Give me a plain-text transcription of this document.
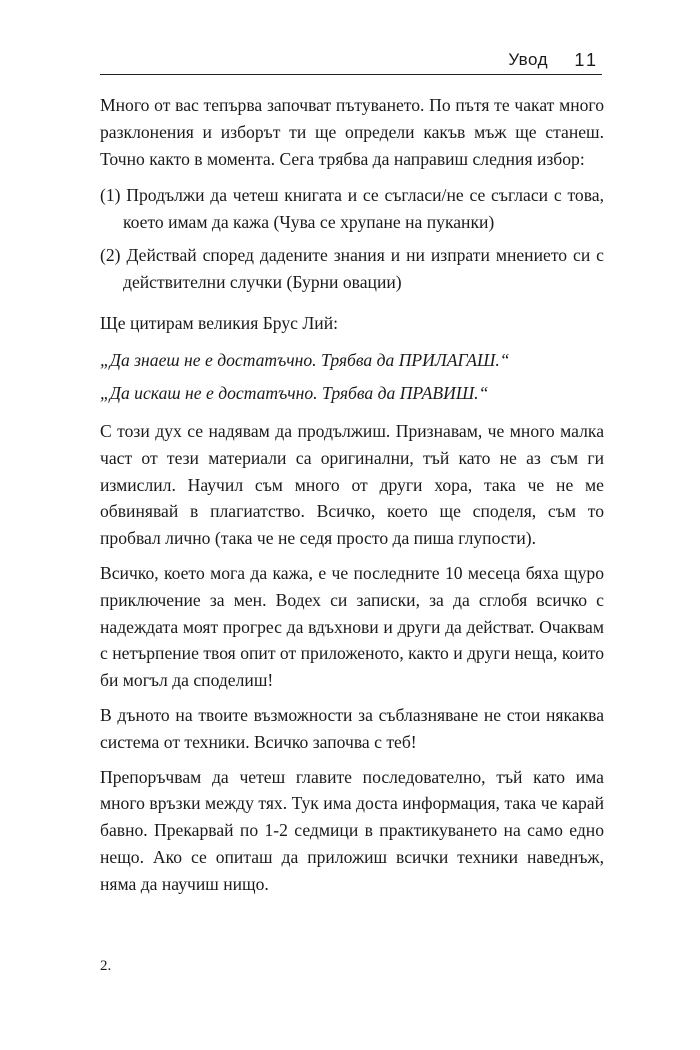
Увод 11

Много от вас тепърва започват пътуването. По пътя те чакат много разклонения и изборът ти ще определи какъв мъж ще станеш. Точно както в момента. Сега трябва да направиш следния избор:

(1) Продължи да четеш книгата и се съгласи/не се съгласи с това, което имам да кажа (Чува се хрупане на пуканки)
(2) Действай според дадените знания и ни изпрати мнението си с действителни случки (Бурни овации)

Ще цитирам великия Брус Лий:

„Да знаеш не е достатъчно. Трябва да ПРИЛАГАШ.“

„Да искаш не е достатъчно. Трябва да ПРАВИШ.“

С този дух се надявам да продължиш. Признавам, че много малка част от тези материали са оригинални, тъй като не аз съм ги измислил. Научил съм много от други хора, така че не ме обвинявай в плагиатство. Всичко, което ще споделя, съм то пробвал лично (така че не седя просто да пиша глупости).

Всичко, което мога да кажа, е че последните 10 месеца бяха щуро приключение за мен. Водех си записки, за да сглобя всичко с надеждата моят прогрес да вдъхнови и други да действат. Очаквам с нетърпение твоя опит от приложеното, както и други неща, които би могъл да споделиш!

В дъното на твоите възможности за съблазняване не стои някаква система от техники. Всичко започва с теб!

Препоръчвам да четеш главите последователно, тъй като има много връзки между тях. Тук има доста информация, така че карай бавно. Прекарвай по 1-2 седмици в практикуването на само едно нещо. Ако се опиташ да приложиш всички техники наведнъж, няма да научиш нищо.

2.
